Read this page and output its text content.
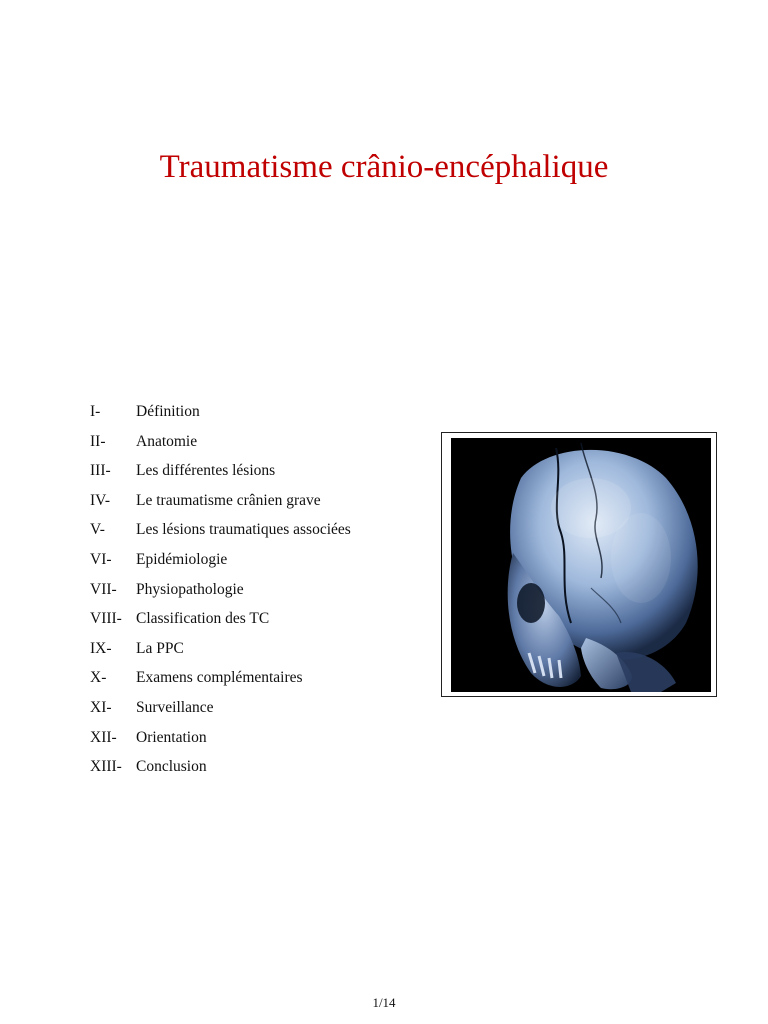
Traumatisme crânio-encéphalique
I- Définition
II- Anatomie
III- Les différentes lésions
IV- Le traumatisme crânien grave
V- Les lésions traumatiques associées
VI- Epidémiologie
VII- Physiopathologie
VIII- Classification des TC
IX- La PPC
X- Examens complémentaires
XI- Surveillance
XII- Orientation
XIII- Conclusion
1/14
